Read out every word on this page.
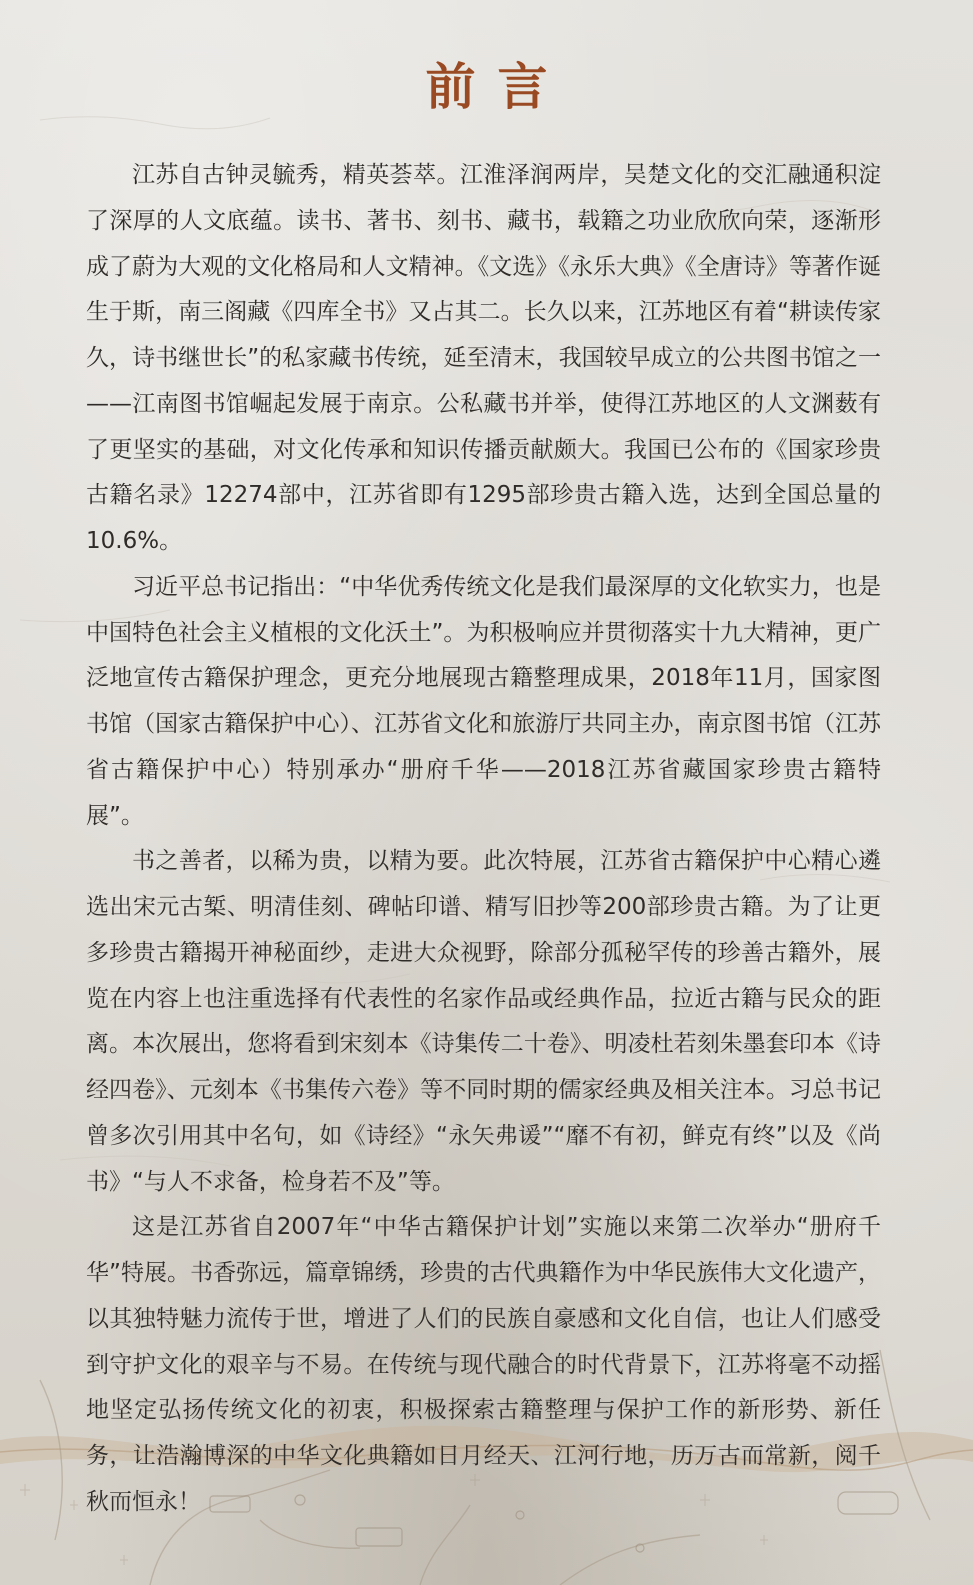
前言

江苏自古钟灵毓秀，精英荟萃。江淮泽润两岸，吴楚文化的交汇融通积淀了深厚的人文底蕴。读书、著书、刻书、藏书，载籍之功业欣欣向荣，逐渐形成了蔚为大观的文化格局和人文精神。《文选》《永乐大典》《全唐诗》等著作诞生于斯，南三阁藏《四库全书》又占其二。长久以来，江苏地区有着“耕读传家久，诗书继世长”的私家藏书传统，延至清末，我国较早成立的公共图书馆之一——江南图书馆崛起发展于南京。公私藏书并举，使得江苏地区的人文渊薮有了更坚实的基础，对文化传承和知识传播贡献颇大。我国已公布的《国家珍贵古籍名录》12274部中，江苏省即有1295部珍贵古籍入选，达到全国总量的10.6%。

习近平总书记指出：“中华优秀传统文化是我们最深厚的文化软实力，也是中国特色社会主义植根的文化沃土”。为积极响应并贯彻落实十九大精神，更广泛地宣传古籍保护理念，更充分地展现古籍整理成果，2018年11月，国家图书馆（国家古籍保护中心）、江苏省文化和旅游厅共同主办，南京图书馆（江苏省古籍保护中心）特别承办“册府千华——2018江苏省藏国家珍贵古籍特展”。

书之善者，以稀为贵，以精为要。此次特展，江苏省古籍保护中心精心遴选出宋元古椠、明清佳刻、碑帖印谱、精写旧抄等200部珍贵古籍。为了让更多珍贵古籍揭开神秘面纱，走进大众视野，除部分孤秘罕传的珍善古籍外，展览在内容上也注重选择有代表性的名家作品或经典作品，拉近古籍与民众的距离。本次展出，您将看到宋刻本《诗集传二十卷》、明凌杜若刻朱墨套印本《诗经四卷》、元刻本《书集传六卷》等不同时期的儒家经典及相关注本。习总书记曾多次引用其中名句，如《诗经》“永矢弗谖”“靡不有初，鲜克有终”以及《尚书》“与人不求备，检身若不及”等。

这是江苏省自2007年“中华古籍保护计划”实施以来第二次举办“册府千华”特展。书香弥远，篇章锦绣，珍贵的古代典籍作为中华民族伟大文化遗产，以其独特魅力流传于世，增进了人们的民族自豪感和文化自信，也让人们感受到守护文化的艰辛与不易。在传统与现代融合的时代背景下，江苏将毫不动摇地坚定弘扬传统文化的初衷，积极探索古籍整理与保护工作的新形势、新任务，让浩瀚博深的中华文化典籍如日月经天、江河行地，历万古而常新，阅千秋而恒永！
